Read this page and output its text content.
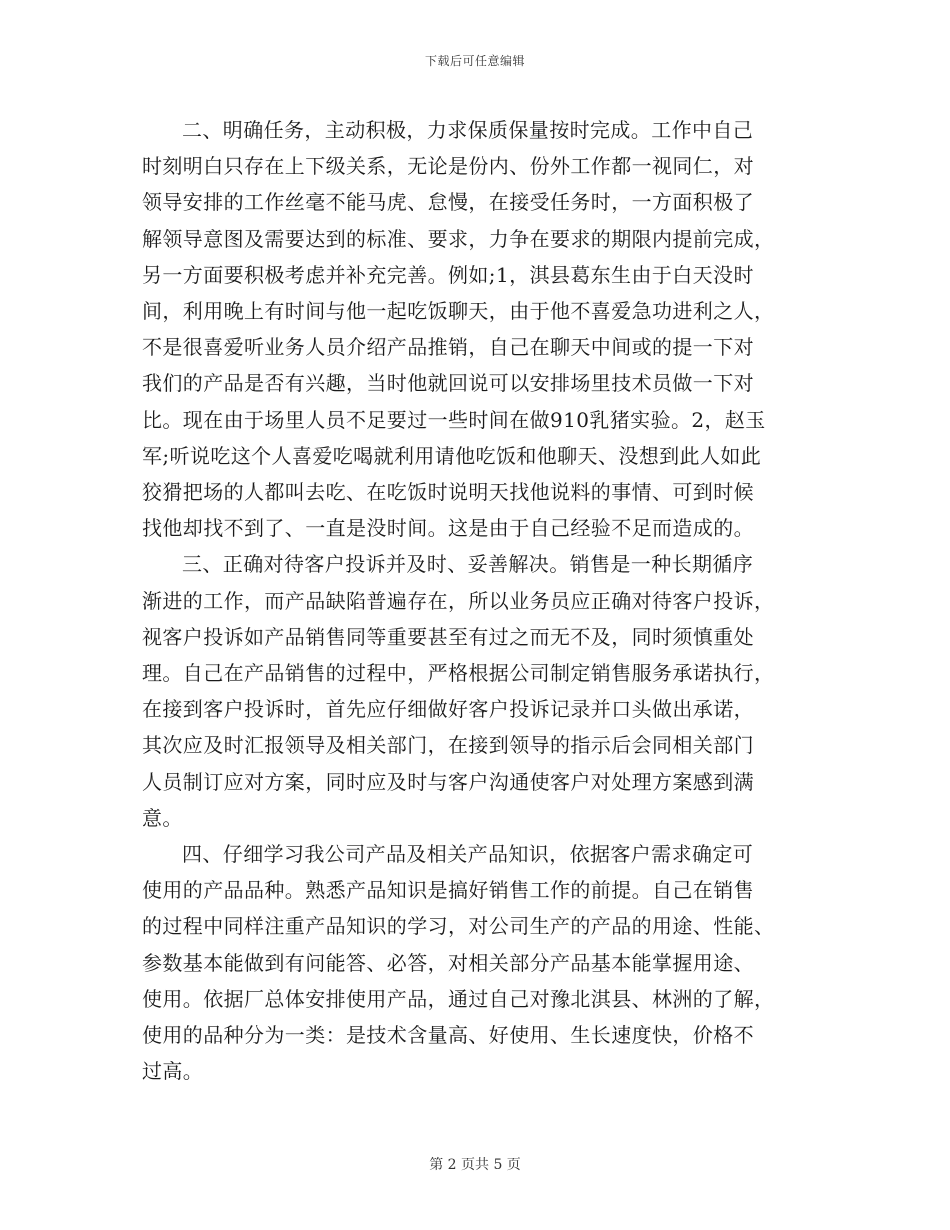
下载后可任意编辑
二、明确任务，主动积极，力求保质保量按时完成。工作中自己
时刻明白只存在上下级关系，无论是份内、份外工作都一视同仁，对
领导安排的工作丝毫不能马虎、怠慢，在接受任务时，一方面积极了
解领导意图及需要达到的标准、要求，力争在要求的期限内提前完成，
另一方面要积极考虑并补充完善。例如;1，淇县葛东生由于白天没时
间，利用晚上有时间与他一起吃饭聊天，由于他不喜爱急功进利之人，
不是很喜爱听业务人员介绍产品推销，自己在聊天中间或的提一下对
我们的产品是否有兴趣，当时他就回说可以安排场里技术员做一下对
比。现在由于场里人员不足要过一些时间在做910乳猪实验。2，赵玉
军;听说吃这个人喜爱吃喝就利用请他吃饭和他聊天、没想到此人如此
狡猾把场的人都叫去吃、在吃饭时说明天找他说料的事情、可到时候
找他却找不到了、一直是没时间。这是由于自己经验不足而造成的。
三、正确对待客户投诉并及时、妥善解决。销售是一种长期循序
渐进的工作，而产品缺陷普遍存在，所以业务员应正确对待客户投诉，
视客户投诉如产品销售同等重要甚至有过之而无不及，同时须慎重处
理。自己在产品销售的过程中，严格根据公司制定销售服务承诺执行，
在接到客户投诉时，首先应仔细做好客户投诉记录并口头做出承诺，
其次应及时汇报领导及相关部门，在接到领导的指示后会同相关部门
人员制订应对方案，同时应及时与客户沟通使客户对处理方案感到满
意。
四、仔细学习我公司产品及相关产品知识，依据客户需求确定可
使用的产品品种。熟悉产品知识是搞好销售工作的前提。自己在销售
的过程中同样注重产品知识的学习，对公司生产的产品的用途、性能、
参数基本能做到有问能答、必答，对相关部分产品基本能掌握用途、
使用。依据厂总体安排使用产品，通过自己对豫北淇县、林洲的了解，
使用的品种分为一类：是技术含量高、好使用、生长速度快，价格不
过高。
第 2 页共 5 页
